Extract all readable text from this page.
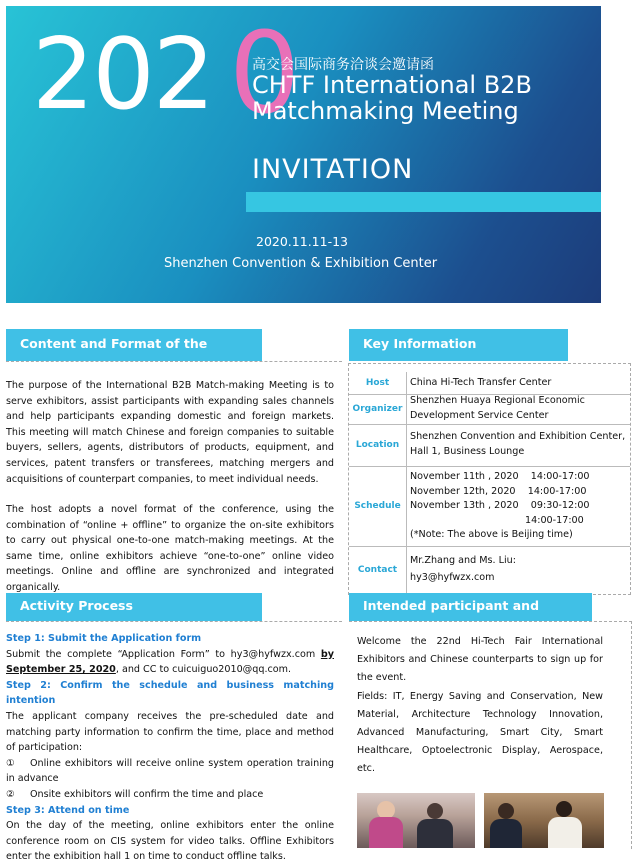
202 0
高交会国际商务洽谈会邀请函
CHTF International B2B Matchmaking Meeting
INVITATION
2020.11.11-13
Shenzhen Convention & Exhibition Center
Content and Format of the Meeting
The purpose of the International B2B Match-making Meeting is to serve exhibitors, assist participants with expanding sales channels and help participants expanding domestic and foreign markets. This meeting will match Chinese and foreign companies to suitable buyers, sellers, agents, distributors of products, equipment, and services, patent transfers or transferees, matching mergers and acquisitions of counterpart companies, to meet individual needs.
The host adopts a novel format of the conference, using the combination of “online + offline” to organize the on-site exhibitors to carry out physical one-to-one match-making meetings. At the same time, online exhibitors achieve “one-to-one” online video meetings. Online and offline are synchronized and integrated organically.
Key Information
Host	China Hi-Tech Transfer Center
Organizer
Shenzhen Huaya Regional Economic Development Service Center
Location
Shenzhen Convention and Exhibition Center, Hall 1, Business Lounge
Schedule
November 11th , 2020    14:00-17:00
November 12th, 2020    14:00-17:00
November 13th , 2020    09:30-12:00
14:00-17:00
(*Note: The above is Beijing time)
Contact
Mr.Zhang and Ms. Liu:
hy3@hyfwzx.com
Activity Process
Step 1: Submit the Application form
Submit the complete “Application Form” to hy3@hyfwzx.com by September 25, 2020, and CC to cuicuiguo2010@qq.com.
Step 2: Confirm the schedule and business matching intention
The applicant company receives the pre-scheduled date and matching party information to confirm the time, place and method of participation:
① Online exhibitors will receive online system operation training in advance
② Onsite exhibitors will confirm the time and place
Step 3: Attend on time
On the day of the meeting, online exhibitors enter the online conference room on CIS system for video talks. Offline Exhibitors enter the exhibition hall 1 on time to conduct offline talks.
Intended participant and industry
Welcome the 22nd Hi-Tech Fair International Exhibitors and Chinese counterparts to sign up for the event.
Fields: IT, Energy Saving and Conservation, New Material, Architecture Technology Innovation, Advanced Manufacturing, Smart City, Smart Healthcare, Optoelectronic Display, Aerospace, etc.
